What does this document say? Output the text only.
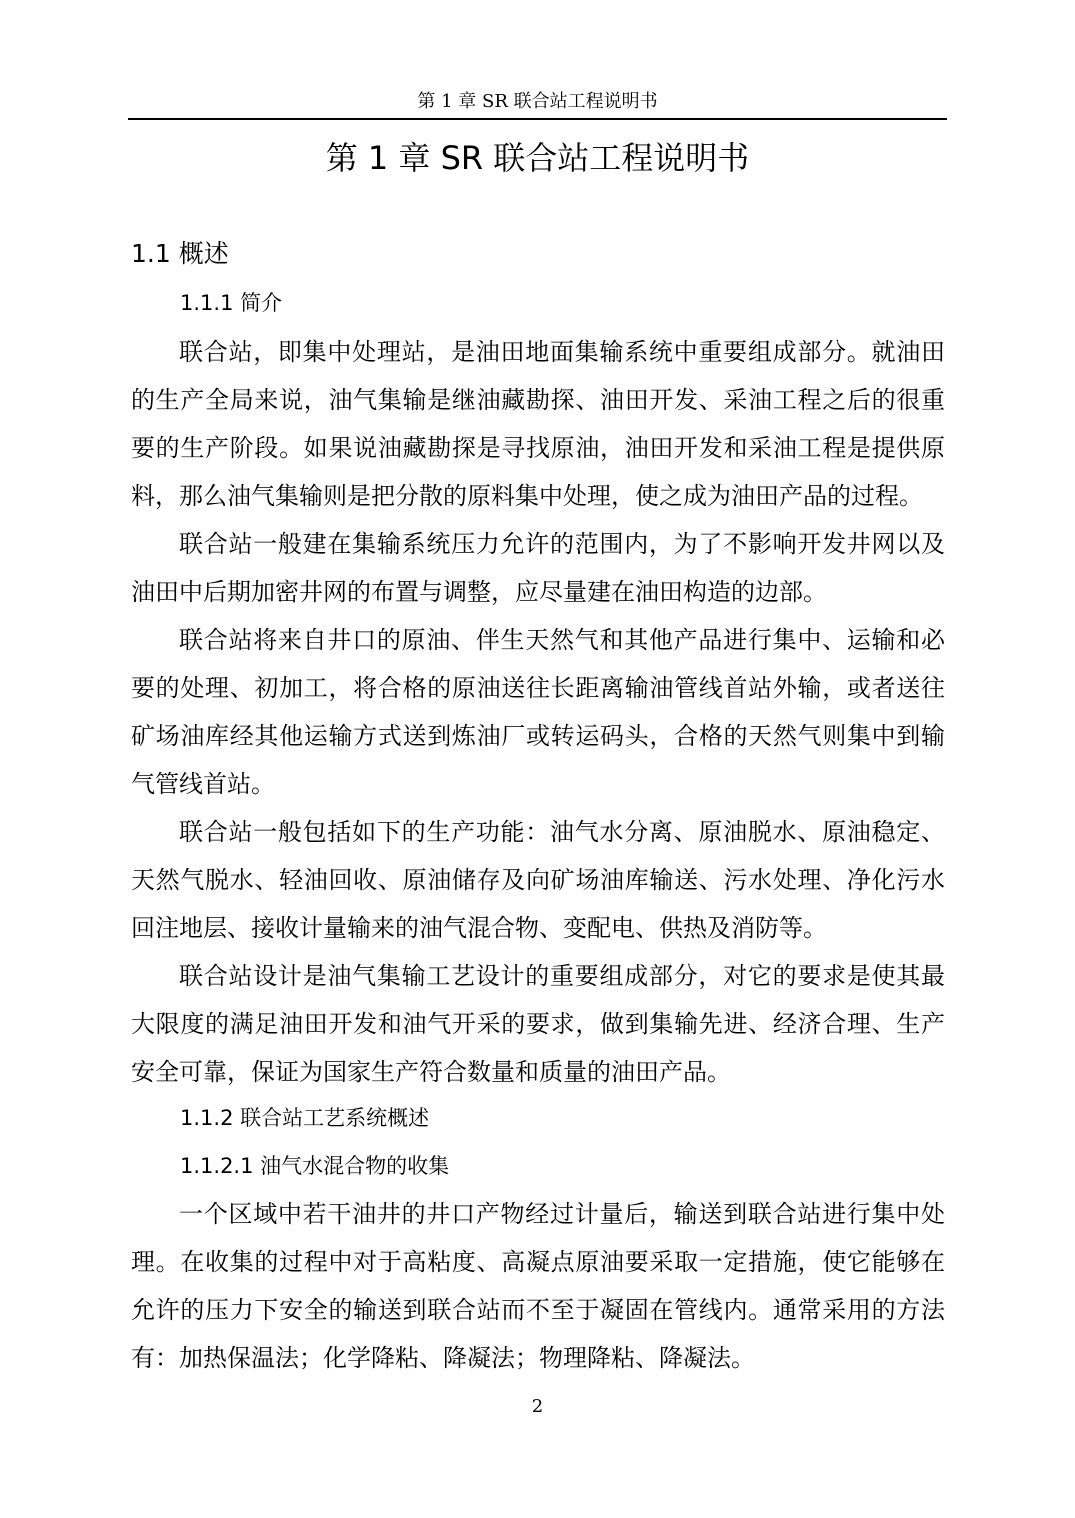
第 1 章 SR 联合站工程说明书
第 1 章 SR 联合站工程说明书
1.1 概述
1.1.1 简介

联合站，即集中处理站，是油田地面集输系统中重要组成部分。就油田的生产全局来说，油气集输是继油藏勘探、油田开发、采油工程之后的很重要的生产阶段。如果说油藏勘探是寻找原油，油田开发和采油工程是提供原料，那么油气集输则是把分散的原料集中处理，使之成为油田产品的过程。

联合站一般建在集输系统压力允许的范围内，为了不影响开发井网以及油田中后期加密井网的布置与调整，应尽量建在油田构造的边部。

联合站将来自井口的原油、伴生天然气和其他产品进行集中、运输和必要的处理、初加工，将合格的原油送往长距离输油管线首站外输，或者送往矿场油库经其他运输方式送到炼油厂或转运码头，合格的天然气则集中到输气管线首站。

联合站一般包括如下的生产功能：油气水分离、原油脱水、原油稳定、天然气脱水、轻油回收、原油储存及向矿场油库输送、污水处理、净化污水回注地层、接收计量输来的油气混合物、变配电、供热及消防等。

联合站设计是油气集输工艺设计的重要组成部分，对它的要求是使其最大限度的满足油田开发和油气开采的要求，做到集输先进、经济合理、生产安全可靠，保证为国家生产符合数量和质量的油田产品。

1.1.2 联合站工艺系统概述
1.1.2.1 油气水混合物的收集

一个区域中若干油井的井口产物经过计量后，输送到联合站进行集中处理。在收集的过程中对于高粘度、高凝点原油要采取一定措施，使它能够在允许的压力下安全的输送到联合站而不至于凝固在管线内。通常采用的方法有：加热保温法；化学降粘、降凝法；物理降粘、降凝法。

2
